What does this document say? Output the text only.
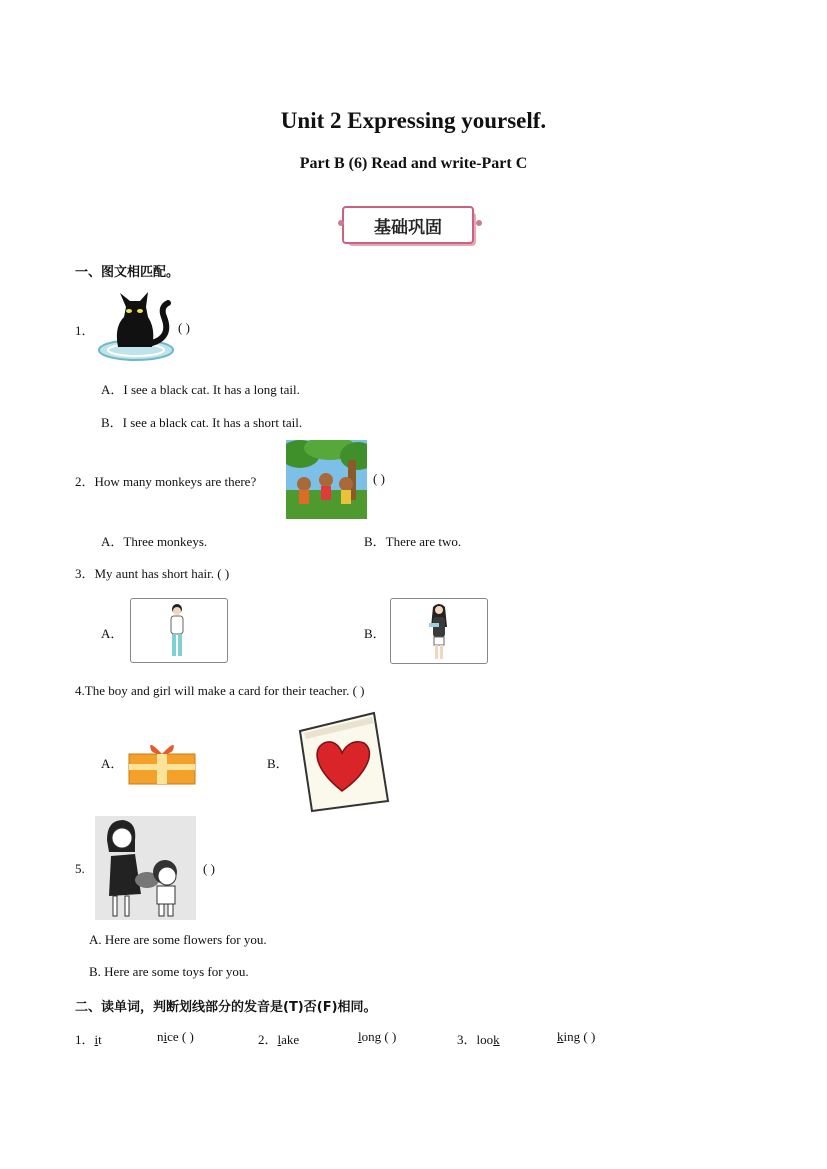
Unit 2 Expressing yourself.
Part B (6) Read and write-Part C
基础巩固
一、图文相匹配。
1．	( )
A．I see a black cat. It has a long tail.
B．I see a black cat. It has a short tail.
2．How many monkeys are there?	( )
A．Three monkeys.	B．There are two.
3．My aunt has short hair. ( )
A．	B．
4.The boy and girl will make a card for their teacher. ( )
A．	B．
5.	( )
A. Here are some flowers for you.
B. Here are some toys for you.
二、读单词，判断划线部分的发音是(T)否(F)相同。
1．it	nice ( )	2．lake	long ( )	3．look	king ( )
